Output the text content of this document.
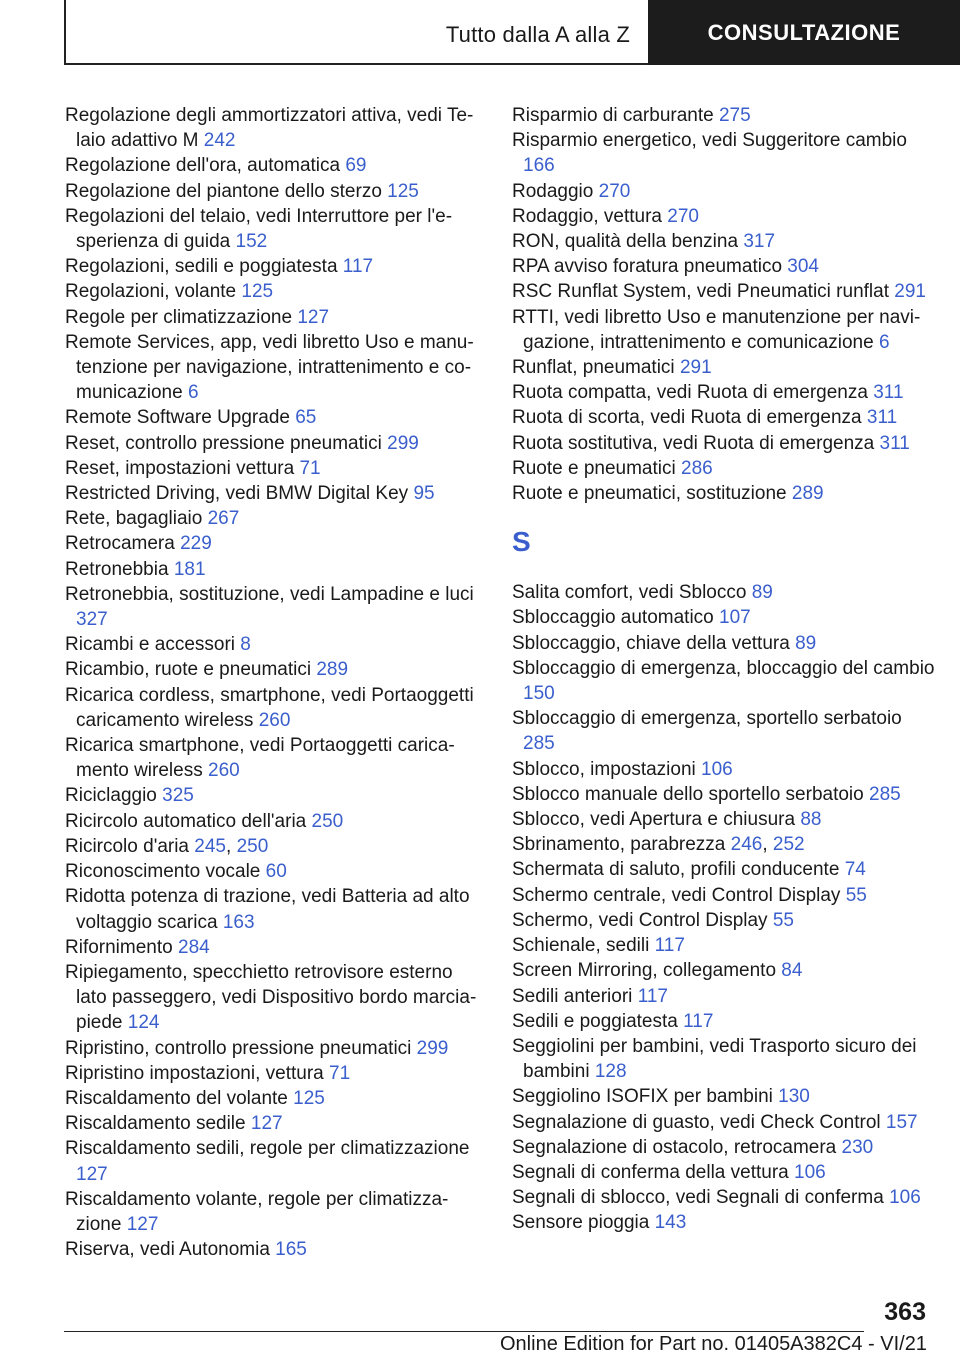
Tutto dalla A alla Z	CONSULTAZIONE

Regolazione degli ammortizzatori attiva, vedi Telaio adattivo M 242

Regolazione dell'ora, automatica 69

Regolazione del piantone dello sterzo 125

Regolazioni del telaio, vedi Interruttore per l'esperienza di guida 152

Regolazioni, sedili e poggiatesta 117

Regolazioni, volante 125

Regole per climatizzazione 127

Remote Services, app, vedi libretto Uso e manutenzione per navigazione, intrattenimento e comunicazione 6

Remote Software Upgrade 65

Reset, controllo pressione pneumatici 299

Reset, impostazioni vettura 71

Restricted Driving, vedi BMW Digital Key 95

Rete, bagagliaio 267

Retrocamera 229

Retronebbia 181

Retronebbia, sostituzione, vedi Lampadine e luci 327

Ricambi e accessori 8

Ricambio, ruote e pneumatici 289

Ricarica cordless, smartphone, vedi Portaoggetti caricamento wireless 260

Ricarica smartphone, vedi Portaoggetti caricamento wireless 260

Riciclaggio 325

Ricircolo automatico dell'aria 250

Ricircolo d'aria 245, 250

Riconoscimento vocale 60

Ridotta potenza di trazione, vedi Batteria ad alto voltaggio scarica 163

Rifornimento 284

Ripiegamento, specchietto retrovisore esterno lato passeggero, vedi Dispositivo bordo marciapiede 124

Ripristino, controllo pressione pneumatici 299

Ripristino impostazioni, vettura 71

Riscaldamento del volante 125

Riscaldamento sedile 127

Riscaldamento sedili, regole per climatizzazione 127

Riscaldamento volante, regole per climatizzazione 127

Riserva, vedi Autonomia 165

Risparmio di carburante 275

Risparmio energetico, vedi Suggeritore cambio 166

Rodaggio 270

Rodaggio, vettura 270

RON, qualità della benzina 317

RPA avviso foratura pneumatico 304

RSC Runflat System, vedi Pneumatici runflat 291

RTTI, vedi libretto Uso e manutenzione per navigazione, intrattenimento e comunicazione 6

Runflat, pneumatici 291

Ruota compatta, vedi Ruota di emergenza 311

Ruota di scorta, vedi Ruota di emergenza 311

Ruota sostitutiva, vedi Ruota di emergenza 311

Ruote e pneumatici 286

Ruote e pneumatici, sostituzione 289

S

Salita comfort, vedi Sblocco 89

Sbloccaggio automatico 107

Sbloccaggio, chiave della vettura 89

Sbloccaggio di emergenza, bloccaggio del cambio 150

Sbloccaggio di emergenza, sportello serbatoio 285

Sblocco, impostazioni 106

Sblocco manuale dello sportello serbatoio 285

Sblocco, vedi Apertura e chiusura 88

Sbrinamento, parabrezza 246, 252

Schermata di saluto, profili conducente 74

Schermo centrale, vedi Control Display 55

Schermo, vedi Control Display 55

Schienale, sedili 117

Screen Mirroring, collegamento 84

Sedili anteriori 117

Sedili e poggiatesta 117

Seggiolini per bambini, vedi Trasporto sicuro dei bambini 128

Seggiolino ISOFIX per bambini 130

Segnalazione di guasto, vedi Check Control 157

Segnalazione di ostacolo, retrocamera 230

Segnali di conferma della vettura 106

Segnali di sblocco, vedi Segnali di conferma 106

Sensore pioggia 143

363
Online Edition for Part no. 01405A382C4 - VI/21
